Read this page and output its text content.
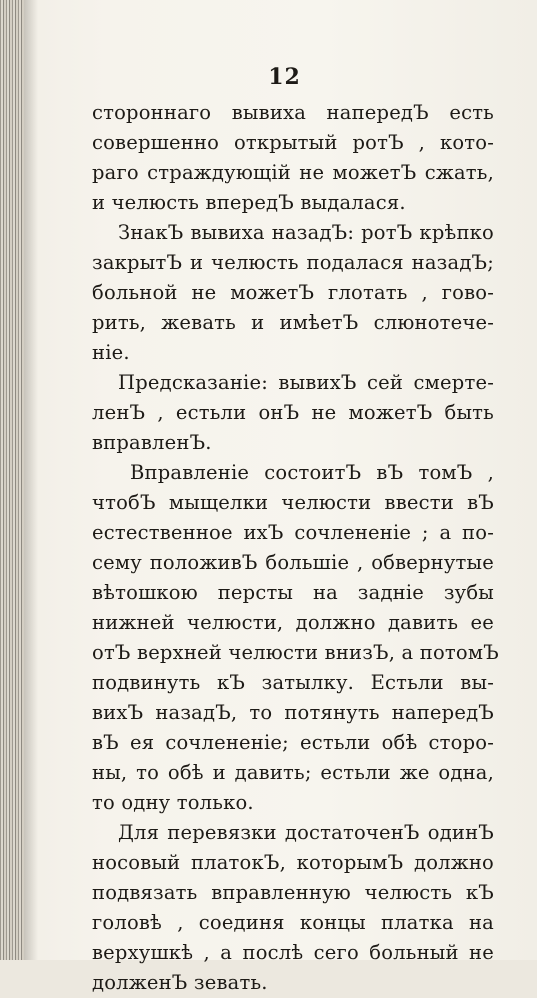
12
стороннаго вывиха напередЪ есть
совершенно открытый ротЪ , кото-
раго страждующій не можетЪ сжать,
и челюсть впередЪ выдалася.
ЗнакЪ вывиха назадЪ: ротЪ крѣпко
закрытЪ и челюсть подалася назадЪ;
больной не можетЪ глотать , гово-
рить, жевать и имѣетЪ слюнотече-
ніе.
Предсказаніе: вывихЪ сей смерте-
ленЪ , естьли онЪ не можетЪ быть
вправленЪ.
Вправленіе состоитЪ вЪ томЪ ,
чтобЪ мыщелки челюсти ввести вЪ
естественное ихЪ сочлененіе ; а по-
сему положивЪ большіе , обвернутые
вѣтошкою персты на задніе зубы
нижней челюсти, должно давить ее
отЪ верхней челюсти внизЪ, а потомЪ
подвинуть кЪ затылку. Естьли вы-
вихЪ назадЪ, то потянуть напередЪ
вЪ ея сочлененіе; естьли обѣ сторо-
ны, то обѣ и давить; естьли же одна,
то одну только.
Для перевязки достаточенЪ одинЪ
носовый платокЪ, которымЪ должно
подвязать вправленную челюсть кЪ
головѣ , соединя концы платка на
верхушкѣ , а послѣ сего больный не
долженЪ зевать.
